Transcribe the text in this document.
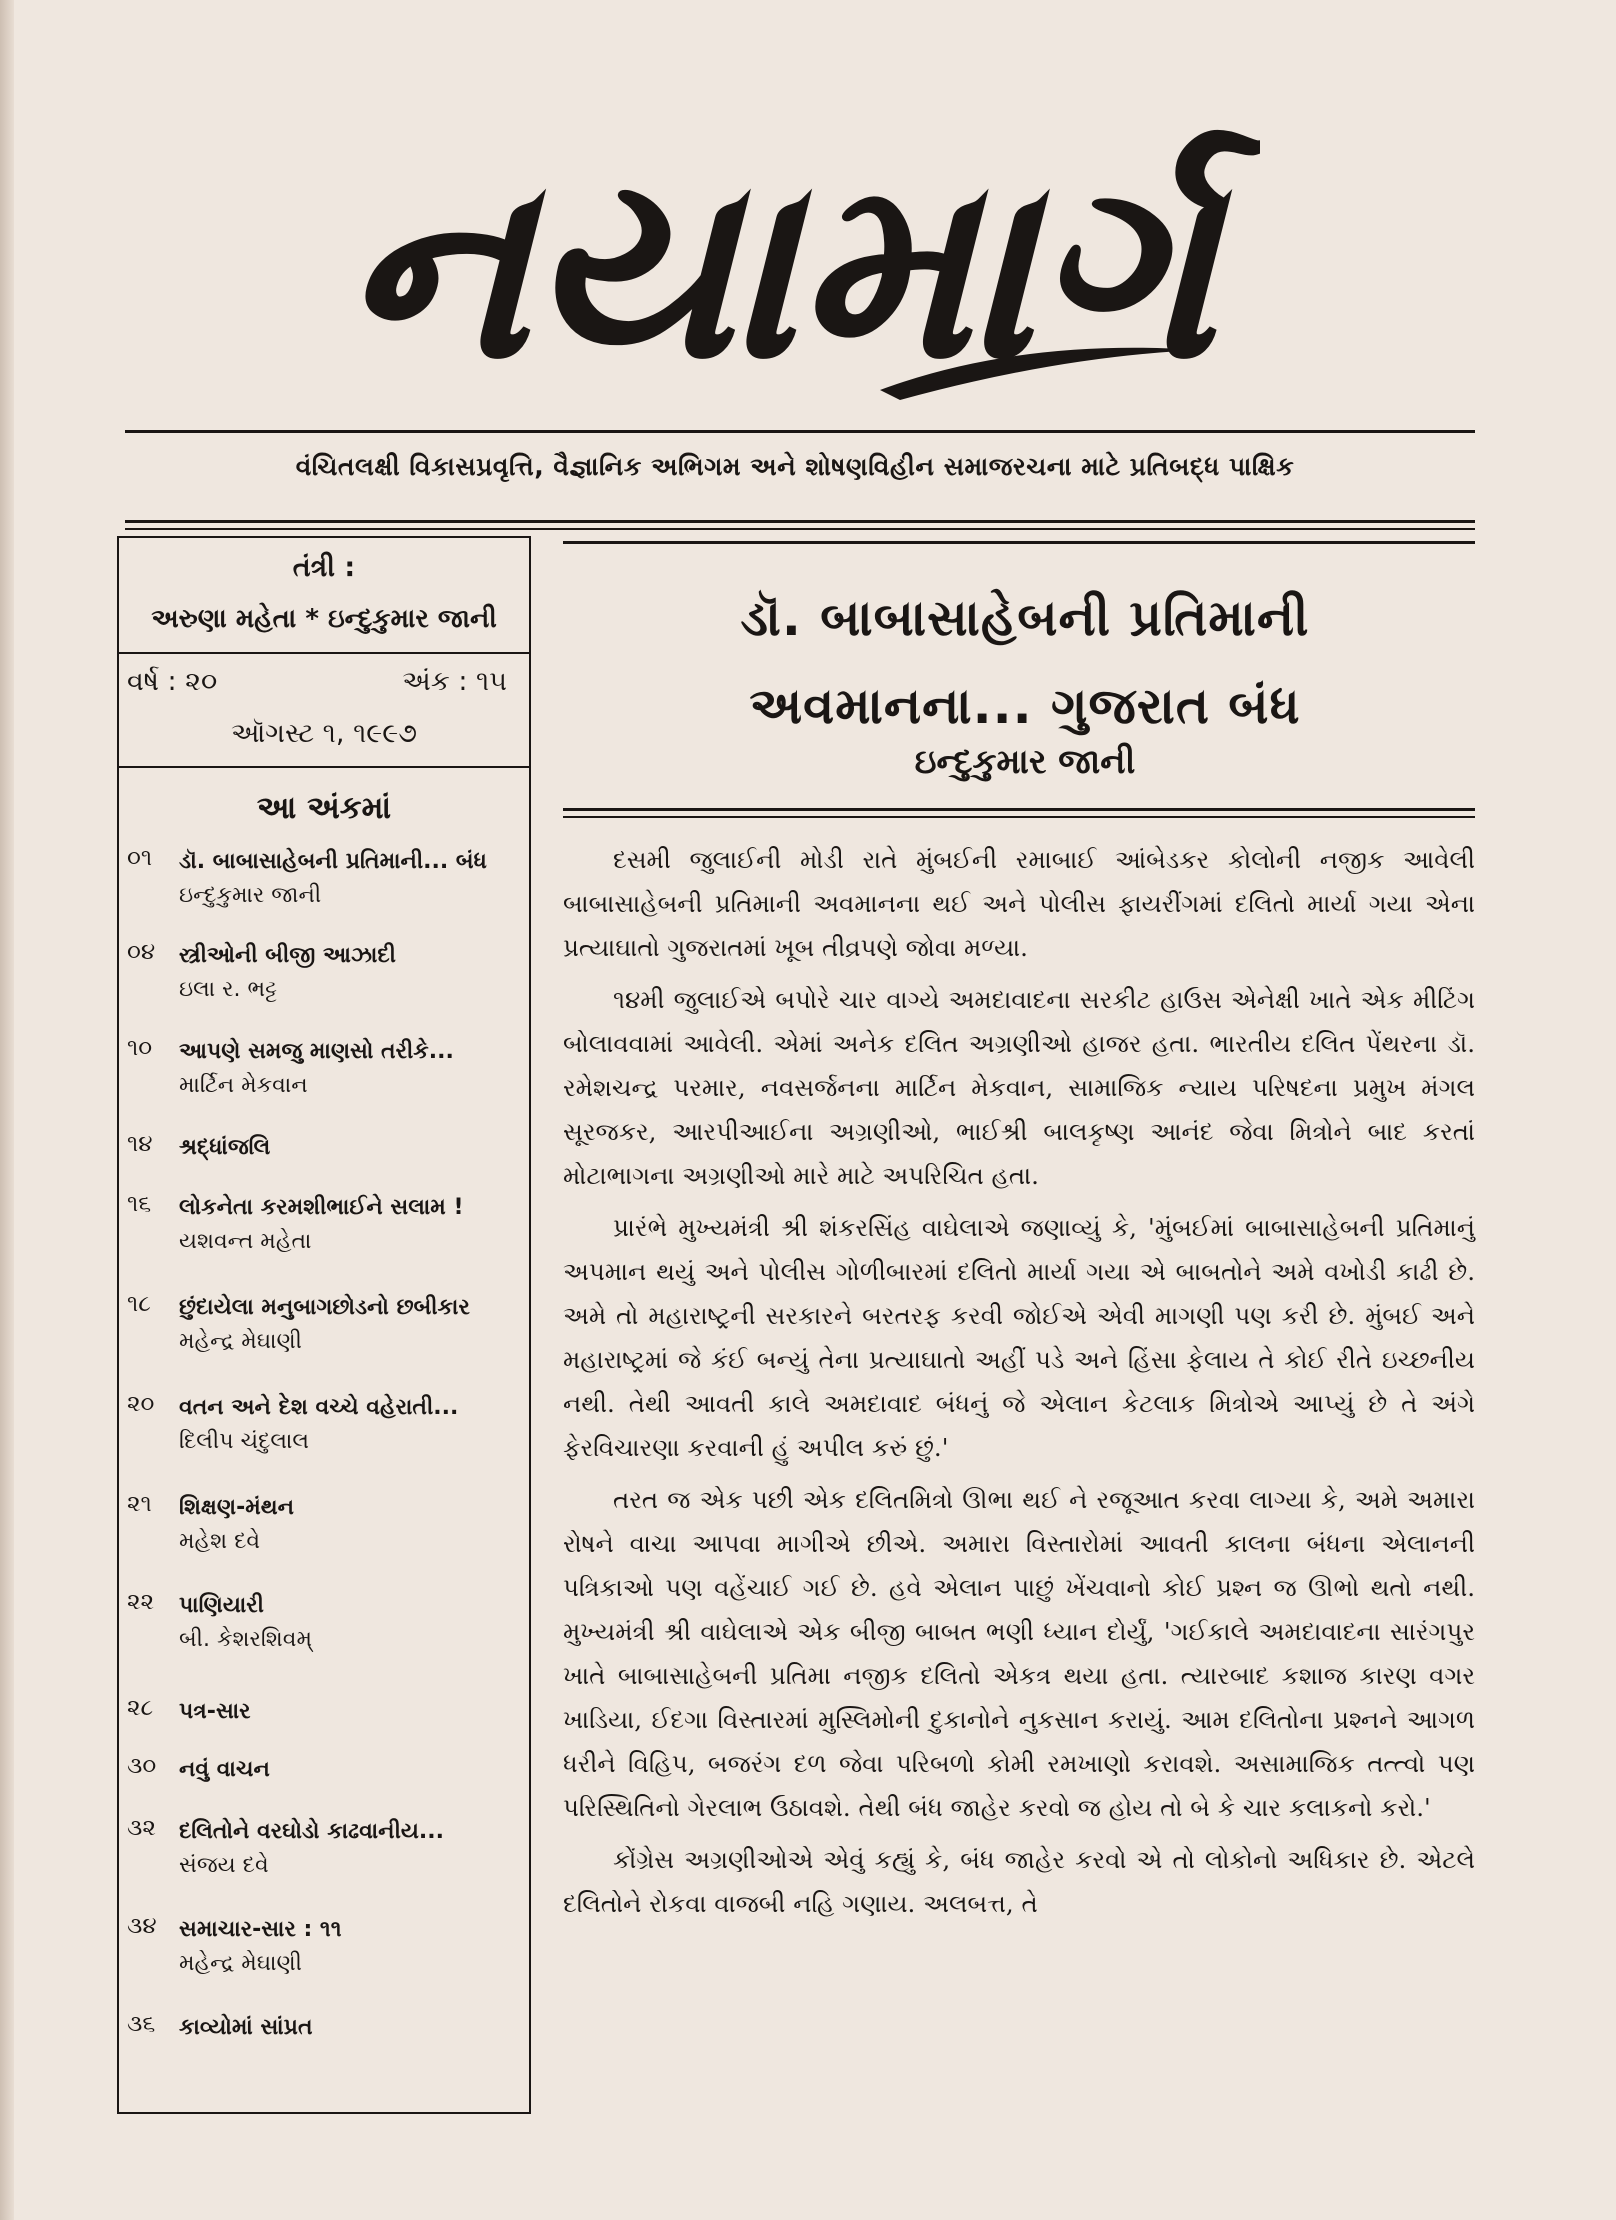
નયામાર્ગ
વંચિતલક્ષી વિકાસપ્રવૃત્તિ, વૈજ્ઞાનિક અભિગમ અને શોષણવિહીન સમાજરચના માટે પ્રતિબદ્ધ પાક્ષિક
તંત્રી :
અરુણા મહેતા * ઇન્દુકુમાર જાની
વર્ષ : ૨૦	અંક : ૧૫
ઑગસ્ટ ૧, ૧૯૯૭
આ અંકમાં
૦૧	ડૉ. બાબાસાહેબની પ્રતિમાની... બંધ
ઇન્દુકુમાર જાની
૦૪	સ્ત્રીઓની બીજી આઝાદી
ઇલા ર. ભટ્ટ
૧૦	આપણે સમજુ માણસો તરીકે...
માર્ટિન મેકવાન
૧૪	શ્રદ્ધાંજલિ
૧૬	લોકનેતા કરમશીભાઈને સલામ !
યશવન્ત મહેતા
૧૮	છુંદાયેલા મનુબાગછોડનો છબીકાર
મહેન્દ્ર મેઘાણી
૨૦	વતન અને દેશ વચ્ચે વહેરાતી...
દિલીપ ચંદુલાલ
૨૧	શિક્ષણ-મંથન
મહેશ દવે
૨૨	પાણિયારી
બી. કેશરશિવમ્
૨૮	પત્ર-સાર
૩૦	નવું વાચન
૩૨	દલિતોને વરઘોડો કાઢવાનીય...
સંજય દવે
૩૪	સમાચાર-સાર : ૧૧
મહેન્દ્ર મેઘાણી
૩૬	કાવ્યોમાં સાંપ્રત
ડૉ. બાબાસાહેબની પ્રતિમાની
અવમાનના... ગુજરાત બંધ
ઇન્દુકુમાર જાની

દસમી જુલાઈની મોડી રાતે મુંબઈની રમાબાઈ આંબેડકર કોલોની નજીક આવેલી બાબાસાહેબની પ્રતિમાની અવમાનના થઈ અને પોલીસ ફાયરીંગમાં દલિતો માર્યા ગયા એના પ્રત્યાઘાતો ગુજરાતમાં ખૂબ તીવ્રપણે જોવા મળ્યા.

૧૪મી જુલાઈએ બપોરે ચાર વાગ્યે અમદાવાદના સરકીટ હાઉસ એનેક્ષી ખાતે એક મીટિંગ બોલાવવામાં આવેલી. એમાં અનેક દલિત અગ્રણીઓ હાજર હતા. ભારતીય દલિત પેંથરના ડૉ. રમેશચન્દ્ર પરમાર, નવસર્જનના માર્ટિન મેકવાન, સામાજિક ન્યાય પરિષદના પ્રમુખ મંગલ સૂરજકર, આરપીઆઈના અગ્રણીઓ, ભાઈશ્રી બાલકૃષ્ણ આનંદ જેવા મિત્રોને બાદ કરતાં મોટાભાગના અગ્રણીઓ મારે માટે અપરિચિત હતા.

પ્રારંભે મુખ્યમંત્રી શ્રી શંકરસિંહ વાઘેલાએ જણાવ્યું કે, 'મુંબઈમાં બાબાસાહેબની પ્રતિમાનું અપમાન થયું અને પોલીસ ગોળીબારમાં દલિતો માર્યા ગયા એ બાબતોને અમે વખોડી કાઢી છે. અમે તો મહારાષ્ટ્રની સરકારને બરતરફ કરવી જોઈએ એવી માગણી પણ કરી છે. મુંબઈ અને મહારાષ્ટ્રમાં જે કંઈ બન્યું તેના પ્રત્યાઘાતો અહીં પડે અને હિંસા ફેલાય તે કોઈ રીતે ઇચ્છનીય નથી. તેથી આવતી કાલે અમદાવાદ બંધનું જે એલાન કેટલાક મિત્રોએ આપ્યું છે તે અંગે ફેરવિચારણા કરવાની હું અપીલ કરું છું.'

તરત જ એક પછી એક દલિતમિત્રો ઊભા થઈ ને રજૂઆત કરવા લાગ્યા કે, અમે અમારા રોષને વાચા આપવા માગીએ છીએ. અમારા વિસ્તારોમાં આવતી કાલના બંધના એલાનની પત્રિકાઓ પણ વહેંચાઈ ગઈ છે. હવે એલાન પાછું ખેંચવાનો કોઈ પ્રશ્ન જ ઊભો થતો નથી. મુખ્યમંત્રી શ્રી વાઘેલાએ એક બીજી બાબત ભણી ધ્યાન દોર્યું, 'ગઈકાલે અમદાવાદના સારંગપુર ખાતે બાબાસાહેબની પ્રતિમા નજીક દલિતો એકત્ર થયા હતા. ત્યારબાદ કશાજ કારણ વગર ખાડિયા, ઈદગા વિસ્તારમાં મુસ્લિમોની દુકાનોને નુકસાન કરાયું. આમ દલિતોના પ્રશ્નને આગળ ધરીને વિહિપ, બજરંગ દળ જેવા પરિબળો કોમી રમખાણો કરાવશે. અસામાજિક તત્ત્વો પણ પરિસ્થિતિનો ગેરલાભ ઉઠાવશે. તેથી બંધ જાહેર કરવો જ હોય તો બે કે ચાર કલાકનો કરો.'

કોંગ્રેસ અગ્રણીઓએ એવું કહ્યું કે, બંધ જાહેર કરવો એ તો લોકોનો અધિકાર છે. એટલે દલિતોને રોકવા વાજબી નહિ ગણાય. અલબત્ત, તે
